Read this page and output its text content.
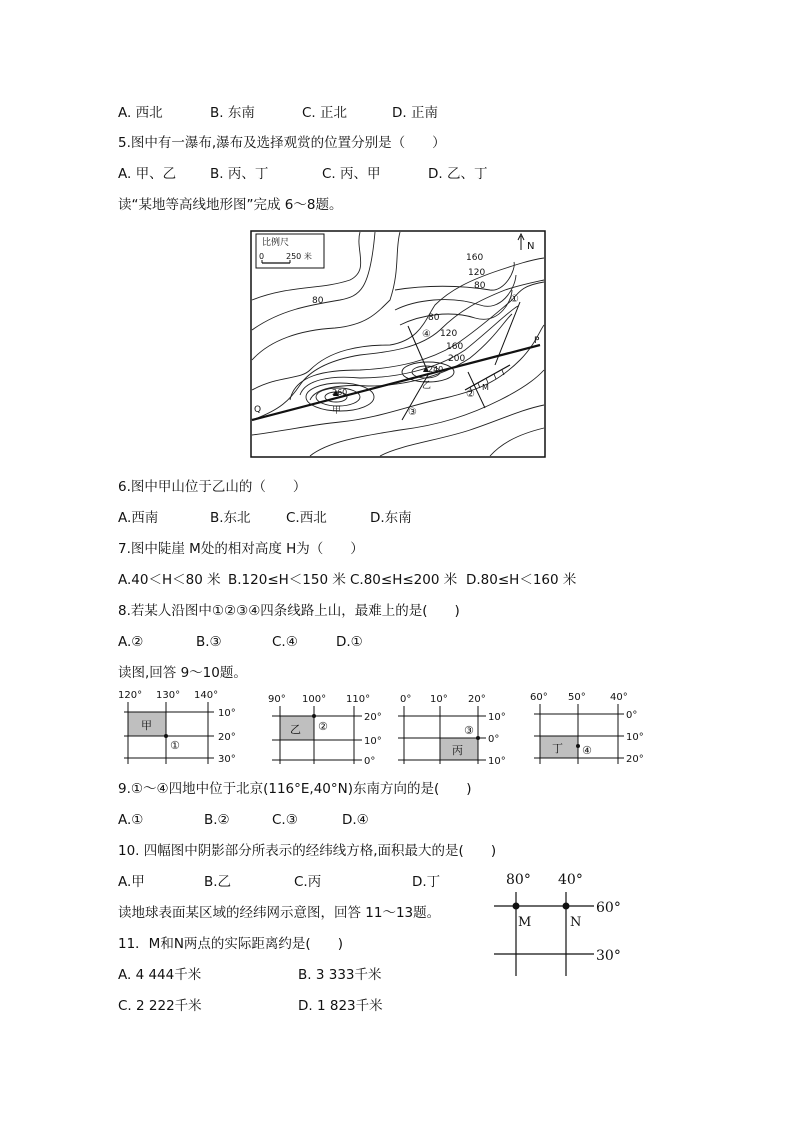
A. 西北	B. 东南	C. 正北	D. 正南
5.图中有一瀑布,瀑布及选择观赏的位置分别是（　　）
A. 甲、乙	B. 丙、丁	C. 丙、甲	D. 乙、丁
读“某地等高线地形图”完成 6～8题。
比例尺
0	250 米
N
160
120
80
80
80
120
160
200
240
260
甲
乙
P
Q
M
①
②
③
④
6.图中甲山位于乙山的（　　）
A.西南	B.东北	C.西北	D.东南
7.图中陡崖 M处的相对高度 H为（　　）
A.40＜H＜80 米 B.120≤H＜150 米 C.80≤H≤200 米 D.80≤H＜160 米
8.若某人沿图中①②③④四条线路上山，最难上的是(　　)
A.②	B.③	C.④	D.①
读图,回答 9～10题。
120° 130° 140°
甲
①
10°
20°
30°
90° 100° 110°
乙 ②
20°
10°
0°
0° 10° 20°
丙
③
10°
0°
10°
60° 50° 40°
丁 ④
0°
10°
20°
9.①～④四地中位于北京(116°E,40°N)东南方向的是(　　)
A.①	B.②	C.③	D.④
10. 四幅图中阴影部分所表示的经纬线方格,面积最大的是(　　)
A.甲	B.乙	C.丙	D.丁	80° 40°
60°
30°
M	N
读地球表面某区域的经纬网示意图，回答 11～13题。
11．M和N两点的实际距离约是(　　)
A. 4 444千米	B. 3 333千米
C. 2 222千米	D. 1 823千米
